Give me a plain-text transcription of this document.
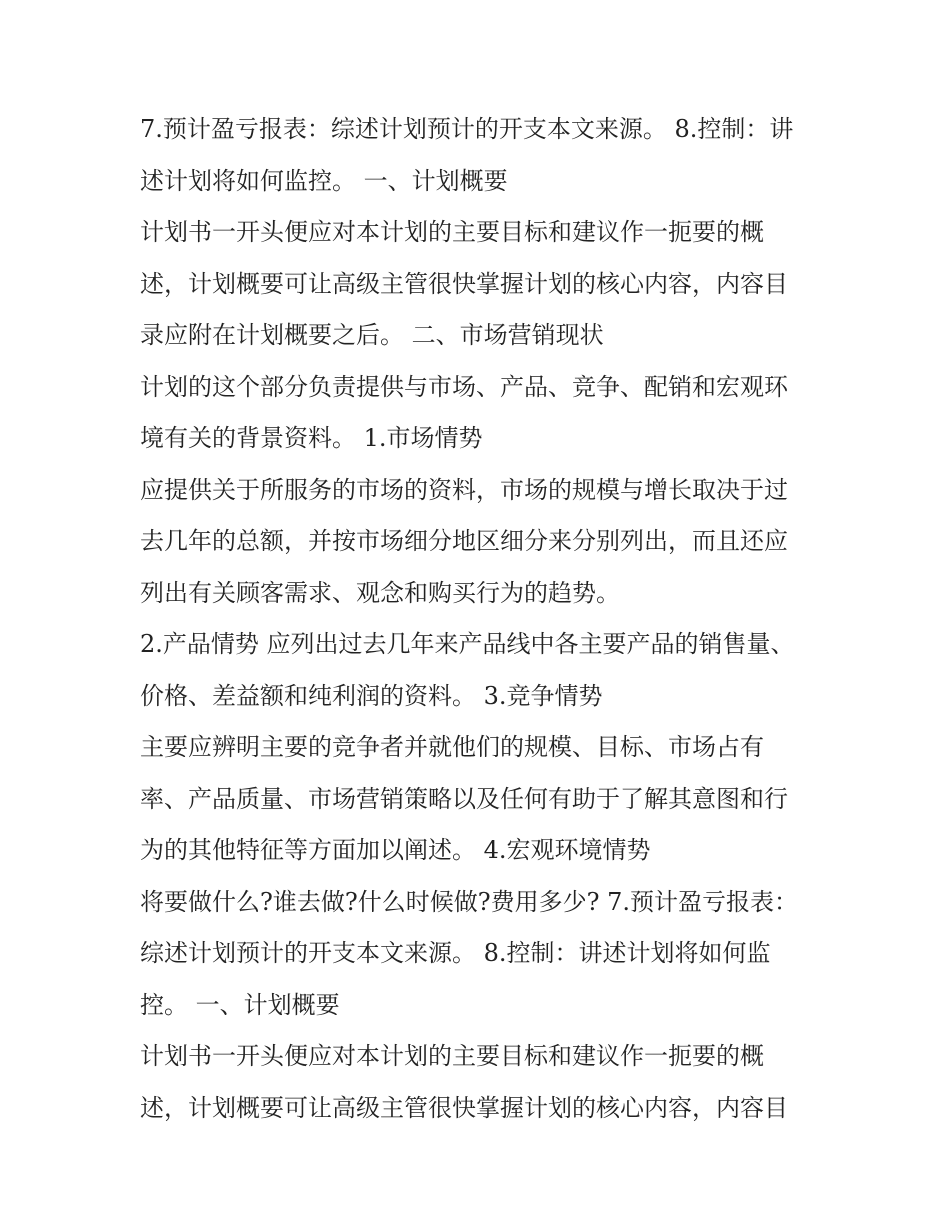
7.预计盈亏报表：综述计划预计的开支本文来源。 8.控制：讲
述计划将如何监控。 一、计划概要
计划书一开头便应对本计划的主要目标和建议作一扼要的概
述，计划概要可让高级主管很快掌握计划的核心内容，内容目
录应附在计划概要之后。 二、市场营销现状
计划的这个部分负责提供与市场、产品、竞争、配销和宏观环
境有关的背景资料。 1.市场情势
应提供关于所服务的市场的资料，市场的规模与增长取决于过
去几年的总额，并按市场细分地区细分来分别列出，而且还应
列出有关顾客需求、观念和购买行为的趋势。
2.产品情势 应列出过去几年来产品线中各主要产品的销售量、
价格、差益额和纯利润的资料。 3.竞争情势
主要应辨明主要的竞争者并就他们的规模、目标、市场占有
率、产品质量、市场营销策略以及任何有助于了解其意图和行
为的其他特征等方面加以阐述。 4.宏观环境情势
将要做什么?谁去做?什么时候做?费用多少? 7.预计盈亏报表：
综述计划预计的开支本文来源。 8.控制：讲述计划将如何监
控。 一、计划概要
计划书一开头便应对本计划的主要目标和建议作一扼要的概
述，计划概要可让高级主管很快掌握计划的核心内容，内容目
